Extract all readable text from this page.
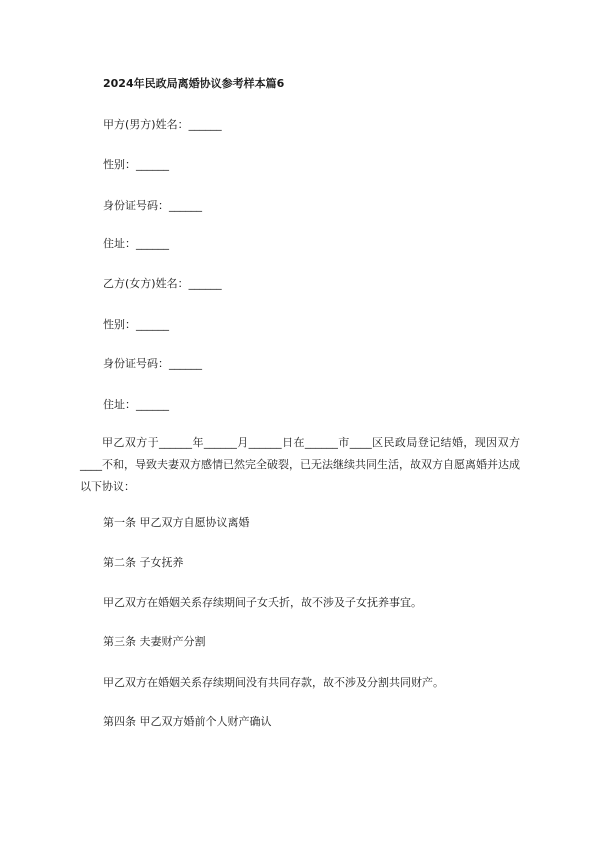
2024年民政局离婚协议参考样本篇6
甲方(男方)姓名：______
性别：______
身份证号码：______
住址：______
乙方(女方)姓名：______
性别：______
身份证号码：______
住址：______
甲乙双方于______年______月______日在______市____区民政局登记结婚，现因双方____不和，导致夫妻双方感情已然完全破裂，已无法继续共同生活，故双方自愿离婚并达成以下协议：
第一条 甲乙双方自愿协议离婚
第二条 子女抚养
甲乙双方在婚姻关系存续期间子女夭折，故不涉及子女抚养事宜。
第三条 夫妻财产分割
甲乙双方在婚姻关系存续期间没有共同存款，故不涉及分割共同财产。
第四条 甲乙双方婚前个人财产确认
